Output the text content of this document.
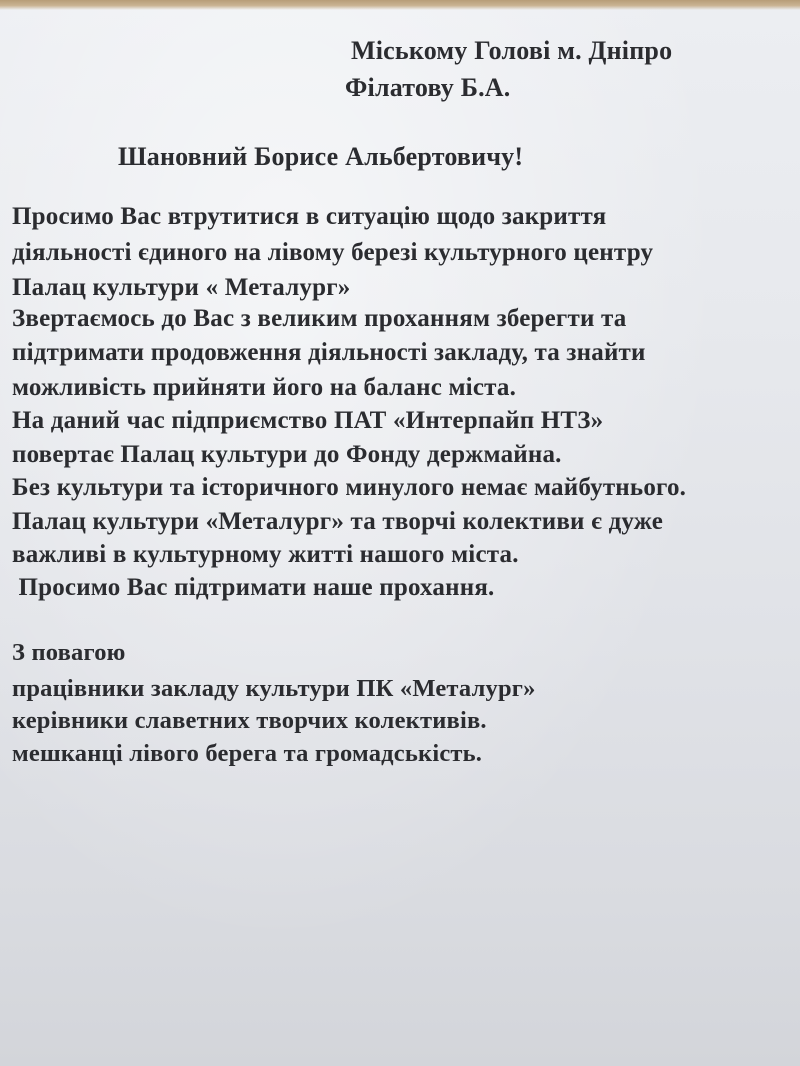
Міському Голові м. Дніпро

Філатову Б.А.

Шановний Борисе Альбертовичу!

Просимо Вас втрутитися в ситуацію щодо закриття

діяльності єдиного на лівому березі культурного центру

Палац культури « Металург»

Звертаємось до Вас з великим проханням зберегти та

підтримати продовження діяльності закладу, та знайти

можливість прийняти його на баланс міста.

На даний час підприємство ПАТ «Интерпайп НТЗ»

повертає Палац культури до Фонду держмайна.

Без культури та історичного минулого немає майбутнього.

Палац культури «Металург» та творчі колективи є дуже

важливі в культурному житті нашого міста.

Просимо Вас підтримати наше прохання.

З повагою

працівники закладу культури ПК «Металург»

керівники славетних творчих колективів.

мешканці лівого берега та громадськість.
